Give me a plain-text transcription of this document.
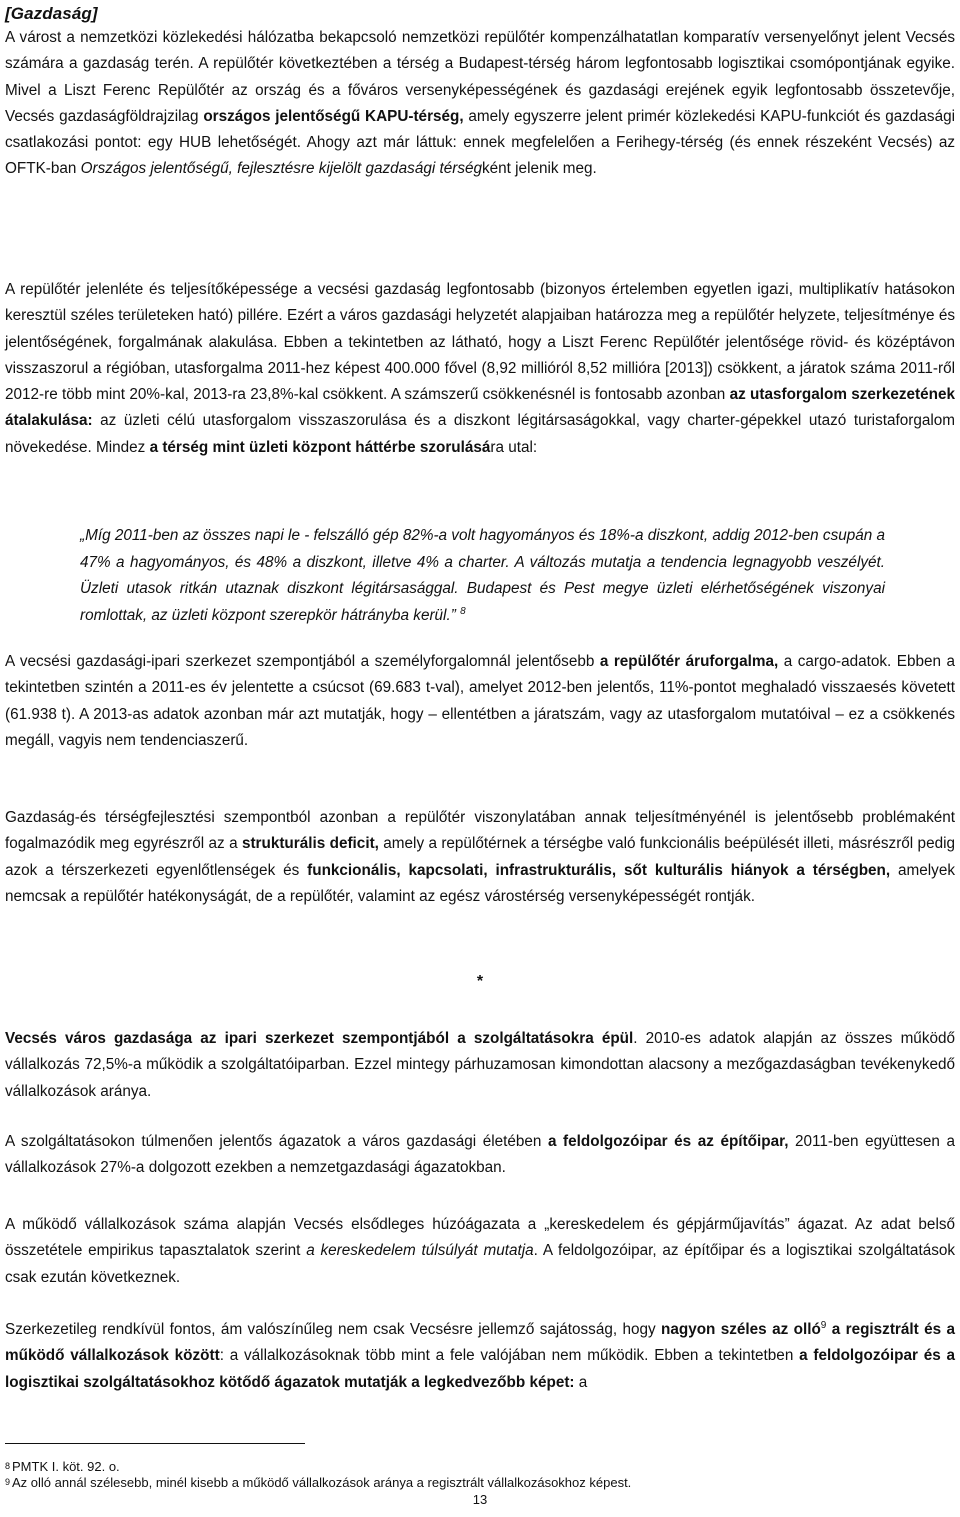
[Gazdaság]

A várost a nemzetközi közlekedési hálózatba bekapcsoló nemzetközi repülőtér kompenzálhatatlan komparatív versenyelőnyt jelent Vecsés számára a gazdaság terén. A repülőtér következtében a térség a Budapest-térség három legfontosabb logisztikai csomópontjának egyike. Mivel a Liszt Ferenc Repülőtér az ország és a főváros versenyképességének és gazdasági erejének egyik legfontosabb összetevője, Vecsés gazdaságföldrajzilag országos jelentőségű KAPU-térség, amely egyszerre jelent primér közlekedési KAPU-funkciót és gazdasági csatlakozási pontot: egy HUB lehetőségét. Ahogy azt már láttuk: ennek megfelelően a Ferihegy-térség (és ennek részeként Vecsés) az OFTK-ban Országos jelentőségű, fejlesztésre kijelölt gazdasági térségként jelenik meg.

A repülőtér jelenléte és teljesítőképessége a vecsési gazdaság legfontosabb (bizonyos értelemben egyetlen igazi, multiplikatív hatásokon keresztül széles területeken ható) pillére. Ezért a város gazdasági helyzetét alapjaiban határozza meg a repülőtér helyzete, teljesítménye és jelentőségének, forgalmának alakulása. Ebben a tekintetben az látható, hogy a Liszt Ferenc Repülőtér jelentősége rövid- és középtávon visszaszorul a régióban, utasforgalma 2011-hez képest 400.000 fővel (8,92 millióról 8,52 millióra [2013]) csökkent, a járatok száma 2011-ről 2012-re több mint 20%-kal, 2013-ra 23,8%-kal csökkent. A számszerű csökkenésnél is fontosabb azonban az utasforgalom szerkezetének átalakulása: az üzleti célú utasforgalom visszaszorulása és a diszkont légitársaságokkal, vagy charter-gépekkel utazó turistaforgalom növekedése. Mindez a térség mint üzleti központ háttérbe szorulására utal:

„Míg 2011-ben az összes napi le - felszálló gép 82%-a volt hagyományos és 18%-a diszkont, addig 2012-ben csupán a 47% a hagyományos, és 48% a diszkont, illetve 4% a charter. A változás mutatja a tendencia legnagyobb veszélyét. Üzleti utasok ritkán utaznak diszkont légitársasággal. Budapest és Pest megye üzleti elérhetőségének viszonyai romlottak, az üzleti központ szerepkör hátrányba kerül.” $^8$

A vecsési gazdasági-ipari szerkezet szempontjából a személyforgalomnál jelentősebb a repülőtér áruforgalma, a cargo-adatok. Ebben a tekintetben szintén a 2011-es év jelentette a csúcsot (69.683 t-val), amelyet 2012-ben jelentős, 11%-pontot meghaladó visszaesés követett (61.938 t). A 2013-as adatok azonban már azt mutatják, hogy – ellentétben a járatszám, vagy az utasforgalom mutatóival – ez a csökkenés megáll, vagyis nem tendenciaszerű.

Gazdaság-és térségfejlesztési szempontból azonban a repülőtér viszonylatában annak teljesítményénél is jelentősebb problémaként fogalmazódik meg egyrészről az a strukturális deficit, amely a repülőtérnek a térségbe való funkcionális beépülését illeti, másrészről pedig azok a térszerkezeti egyenlőtlenségek és funkcionális, kapcsolati, infrastrukturális, sőt kulturális hiányok a térségben, amelyek nemcsak a repülőtér hatékonyságát, de a repülőtér, valamint az egész várostérség versenyképességét rontják.

*

Vecsés város gazdasága az ipari szerkezet szempontjából a szolgáltatásokra épül. 2010-es adatok alapján az összes működő vállalkozás 72,5%-a működik a szolgáltatóiparban. Ezzel mintegy párhuzamosan kimondottan alacsony a mezőgazdaságban tevékenykedő vállalkozások aránya.

A szolgáltatásokon túlmenően jelentős ágazatok a város gazdasági életében a feldolgozóipar és az építőipar, 2011-ben együttesen a vállalkozások 27%-a dolgozott ezekben a nemzetgazdasági ágazatokban.

A működő vállalkozások száma alapján Vecsés elsődleges húzóágazata a „kereskedelem és gépjárműjavítás” ágazat. Az adat belső összetétele empirikus tapasztalatok szerint a kereskedelem túlsúlyát mutatja. A feldolgozóipar, az építőipar és a logisztikai szolgáltatások csak ezután következnek.

Szerkezetileg rendkívül fontos, ám valószínűleg nem csak Vecsésre jellemző sajátosság, hogy nagyon széles az olló$^9$ a regisztrált és a működő vállalkozások között: a vállalkozásoknak több mint a fele valójában nem működik. Ebben a tekintetben a feldolgozóipar és a logisztikai szolgáltatásokhoz kötődő ágazatok mutatják a legkedvezőbb képet: a

8 PMTK I. köt. 92. o.
9 Az olló annál szélesebb, minél kisebb a működő vállalkozások aránya a regisztrált vállalkozásokhoz képest.
13
